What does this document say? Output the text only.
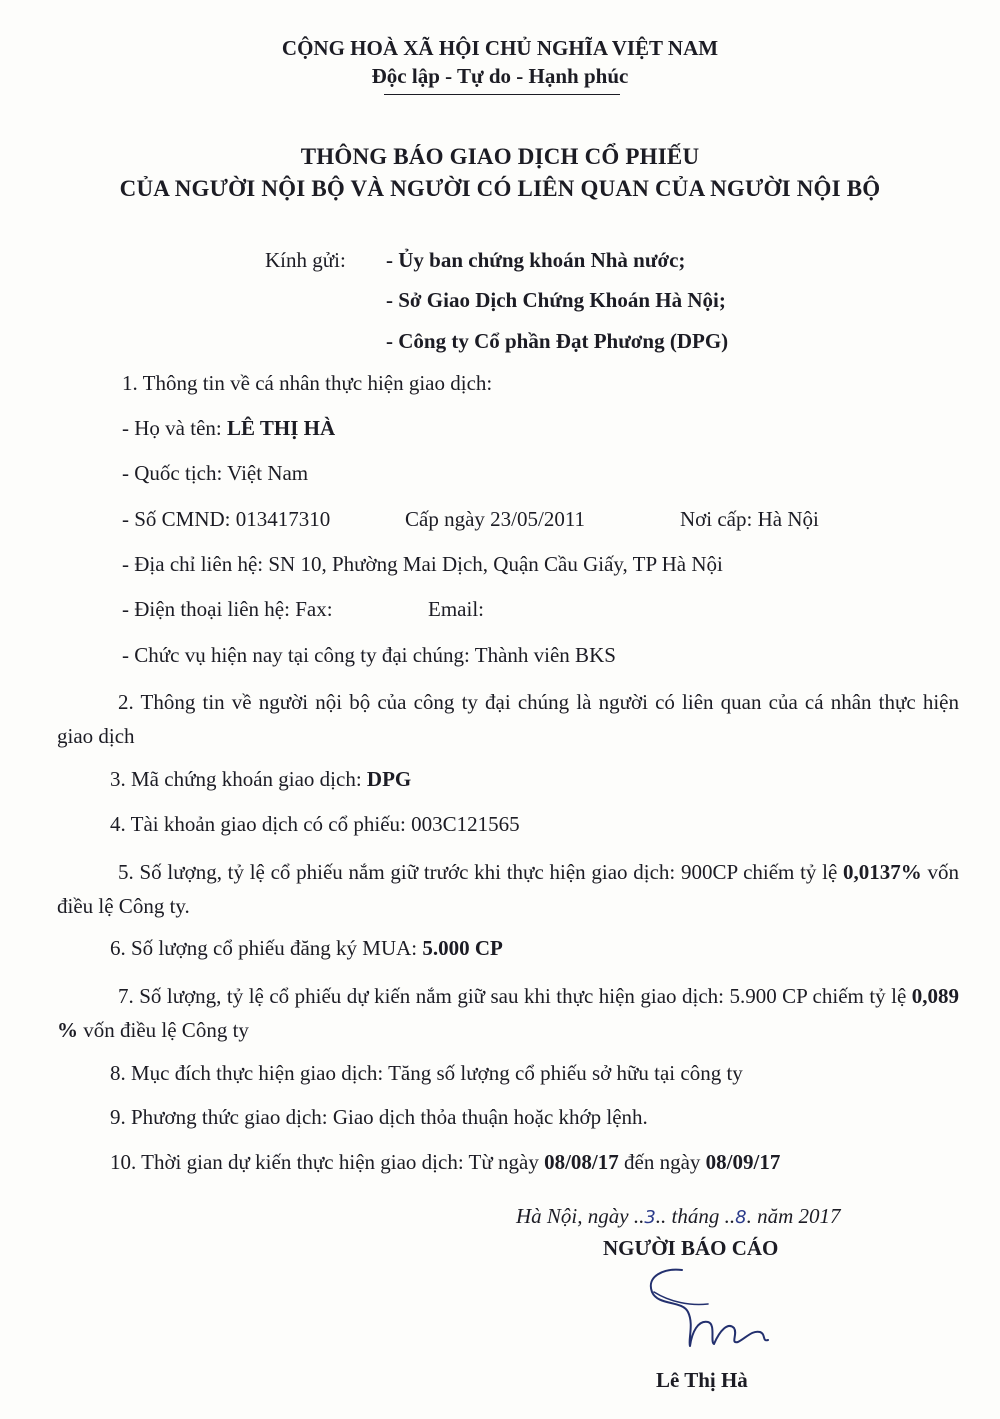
CỘNG HOÀ XÃ HỘI CHỦ NGHĨA VIỆT NAM
Độc lập - Tự do - Hạnh phúc
THÔNG BÁO GIAO DỊCH CỔ PHIẾU
CỦA NGƯỜI NỘI BỘ VÀ NGƯỜI CÓ LIÊN QUAN CỦA NGƯỜI NỘI BỘ
Kính gửi: - Ủy ban chứng khoán Nhà nước;
- Sở Giao Dịch Chứng Khoán Hà Nội;
- Công ty Cổ phần Đạt Phương (DPG)
1. Thông tin về cá nhân thực hiện giao dịch:
- Họ và tên: LÊ THỊ HÀ
- Quốc tịch: Việt Nam
- Số CMND: 013417310	Cấp ngày 23/05/2011	Nơi cấp: Hà Nội
- Địa chỉ liên hệ: SN 10, Phường Mai Dịch, Quận Cầu Giấy, TP Hà Nội
- Điện thoại liên hệ: Fax:	Email:
- Chức vụ hiện nay tại công ty đại chúng: Thành viên BKS
2. Thông tin về người nội bộ của công ty đại chúng là người có liên quan của cá nhân thực hiện giao dịch
3. Mã chứng khoán giao dịch: DPG
4. Tài khoản giao dịch có cổ phiếu: 003C121565
5. Số lượng, tỷ lệ cổ phiếu nắm giữ trước khi thực hiện giao dịch: 900CP chiếm tỷ lệ 0,0137% vốn điều lệ Công ty.
6. Số lượng cổ phiếu đăng ký MUA: 5.000 CP
7. Số lượng, tỷ lệ cổ phiếu dự kiến nắm giữ sau khi thực hiện giao dịch: 5.900 CP chiếm tỷ lệ 0,089 % vốn điều lệ Công ty
8. Mục đích thực hiện giao dịch: Tăng số lượng cổ phiếu sở hữu tại công ty
9. Phương thức giao dịch: Giao dịch thỏa thuận hoặc khớp lệnh.
10. Thời gian dự kiến thực hiện giao dịch: Từ ngày 08/08/17 đến ngày 08/09/17
Hà Nội, ngày ..3.. tháng ..8. năm 2017
NGƯỜI BÁO CÁO
Lê Thị Hà
